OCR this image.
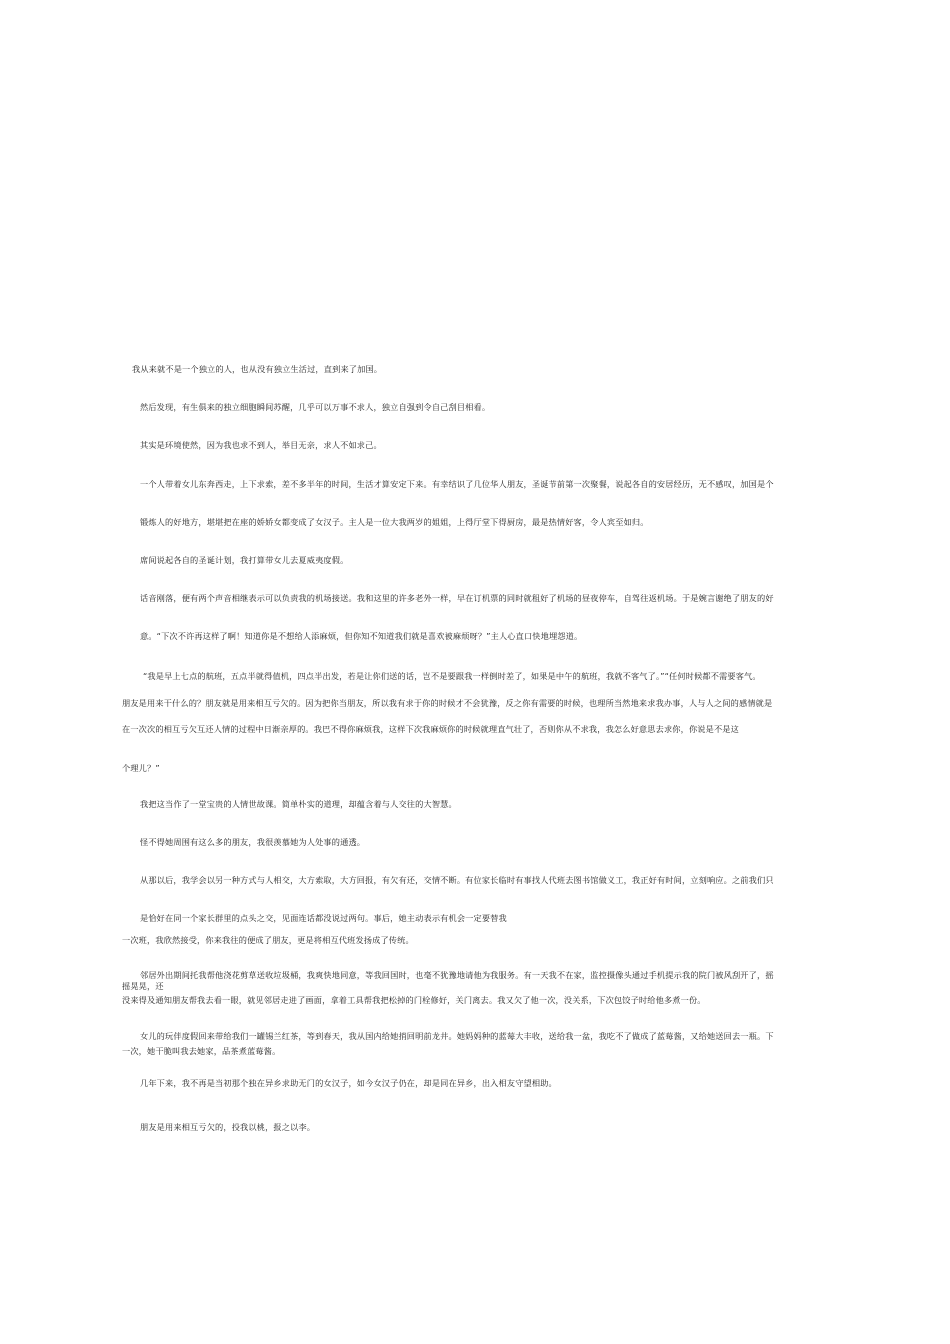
我从来就不是一个独立的人，也从没有独立生活过，直到来了加国。
然后发现，有生俱来的独立细胞瞬间苏醒，几乎可以万事不求人，独立自强到令自己刮目相看。
其实是环境使然，因为我也求不到人，举目无亲，求人不如求己。
一个人带着女儿东奔西走，上下求索，差不多半年的时间，生活才算安定下来。有幸结识了几位华人朋友，圣诞节前第一次聚餐，说起各自的安居经历，无不感叹，加国是个
锻炼人的好地方，堪堪把在座的娇娇女都变成了女汉子。主人是一位大我两岁的姐姐，上得厅堂下得厨房，最是热情好客，令人宾至如归。
席间说起各自的圣诞计划，我打算带女儿去夏威夷度假。
话音刚落，便有两个声音相继表示可以负责我的机场接送。我和这里的许多老外一样，早在订机票的同时就租好了机场的昼夜停车，自驾往返机场。于是婉言谢绝了朋友的好
意。“下次不许再这样了啊！知道你是不想给人添麻烦，但你知不知道我们就是喜欢被麻烦呀？”主人心直口快地埋怨道。
“我是早上七点的航班，五点半就得值机，四点半出发，若是让你们送的话，岂不是要跟我一样倒时差了，如果是中午的航班，我就不客气了。”“任何时候都不需要客气。
朋友是用来干什么的？朋友就是用来相互亏欠的。因为把你当朋友，所以我有求于你的时候才不会犹豫，反之你有需要的时候，也理所当然地来求我办事，人与人之间的感情就是
在一次次的相互亏欠互还人情的过程中日渐亲厚的。我巴不得你麻烦我，这样下次我麻烦你的时候就理直气壮了，否则你从不求我，我怎么好意思去求你，你说是不是这
个理儿？”
我把这当作了一堂宝贵的人情世故课。简单朴实的道理，却蕴含着与人交往的大智慧。
怪不得她周围有这么多的朋友，我很羡慕她为人处事的通透。
从那以后，我学会以另一种方式与人相交，大方索取，大方回报，有欠有还，交情不断。有位家长临时有事找人代班去图书馆做义工，我正好有时间，立刻响应。之前我们只
是恰好在同一个家长群里的点头之交，见面连话都没说过两句。事后，她主动表示有机会一定要替我
一次班，我欣然接受，你来我往的便成了朋友，更是将相互代班发扬成了传统。
邻居外出期间托我帮他浇花剪草送收垃圾桶，我爽快地同意，等我回国时，也毫不犹豫地请他为我服务。有一天我不在家，监控摄像头通过手机提示我的院门被风刮开了，摇
摇晃晃，还
没来得及通知朋友帮我去看一眼，就见邻居走进了画面，拿着工具帮我把松掉的门栓修好，关门离去。我又欠了他一次，没关系，下次包饺子时给他多煮一份。
女儿的玩伴度假回来带给我们一罐锡兰红茶，等到春天，我从国内给她捎回明前龙井。她妈妈种的蓝莓大丰收，送给我一盆，我吃不了做成了蓝莓酱，又给她送回去一瓶。下
一次，她干脆叫我去她家，品茶煮蓝莓酱。
几年下来，我不再是当初那个独在异乡求助无门的女汉子，如今女汉子仍在，却是同在异乡，出入相友守望相助。
朋友是用来相互亏欠的，投我以桃，报之以李。
